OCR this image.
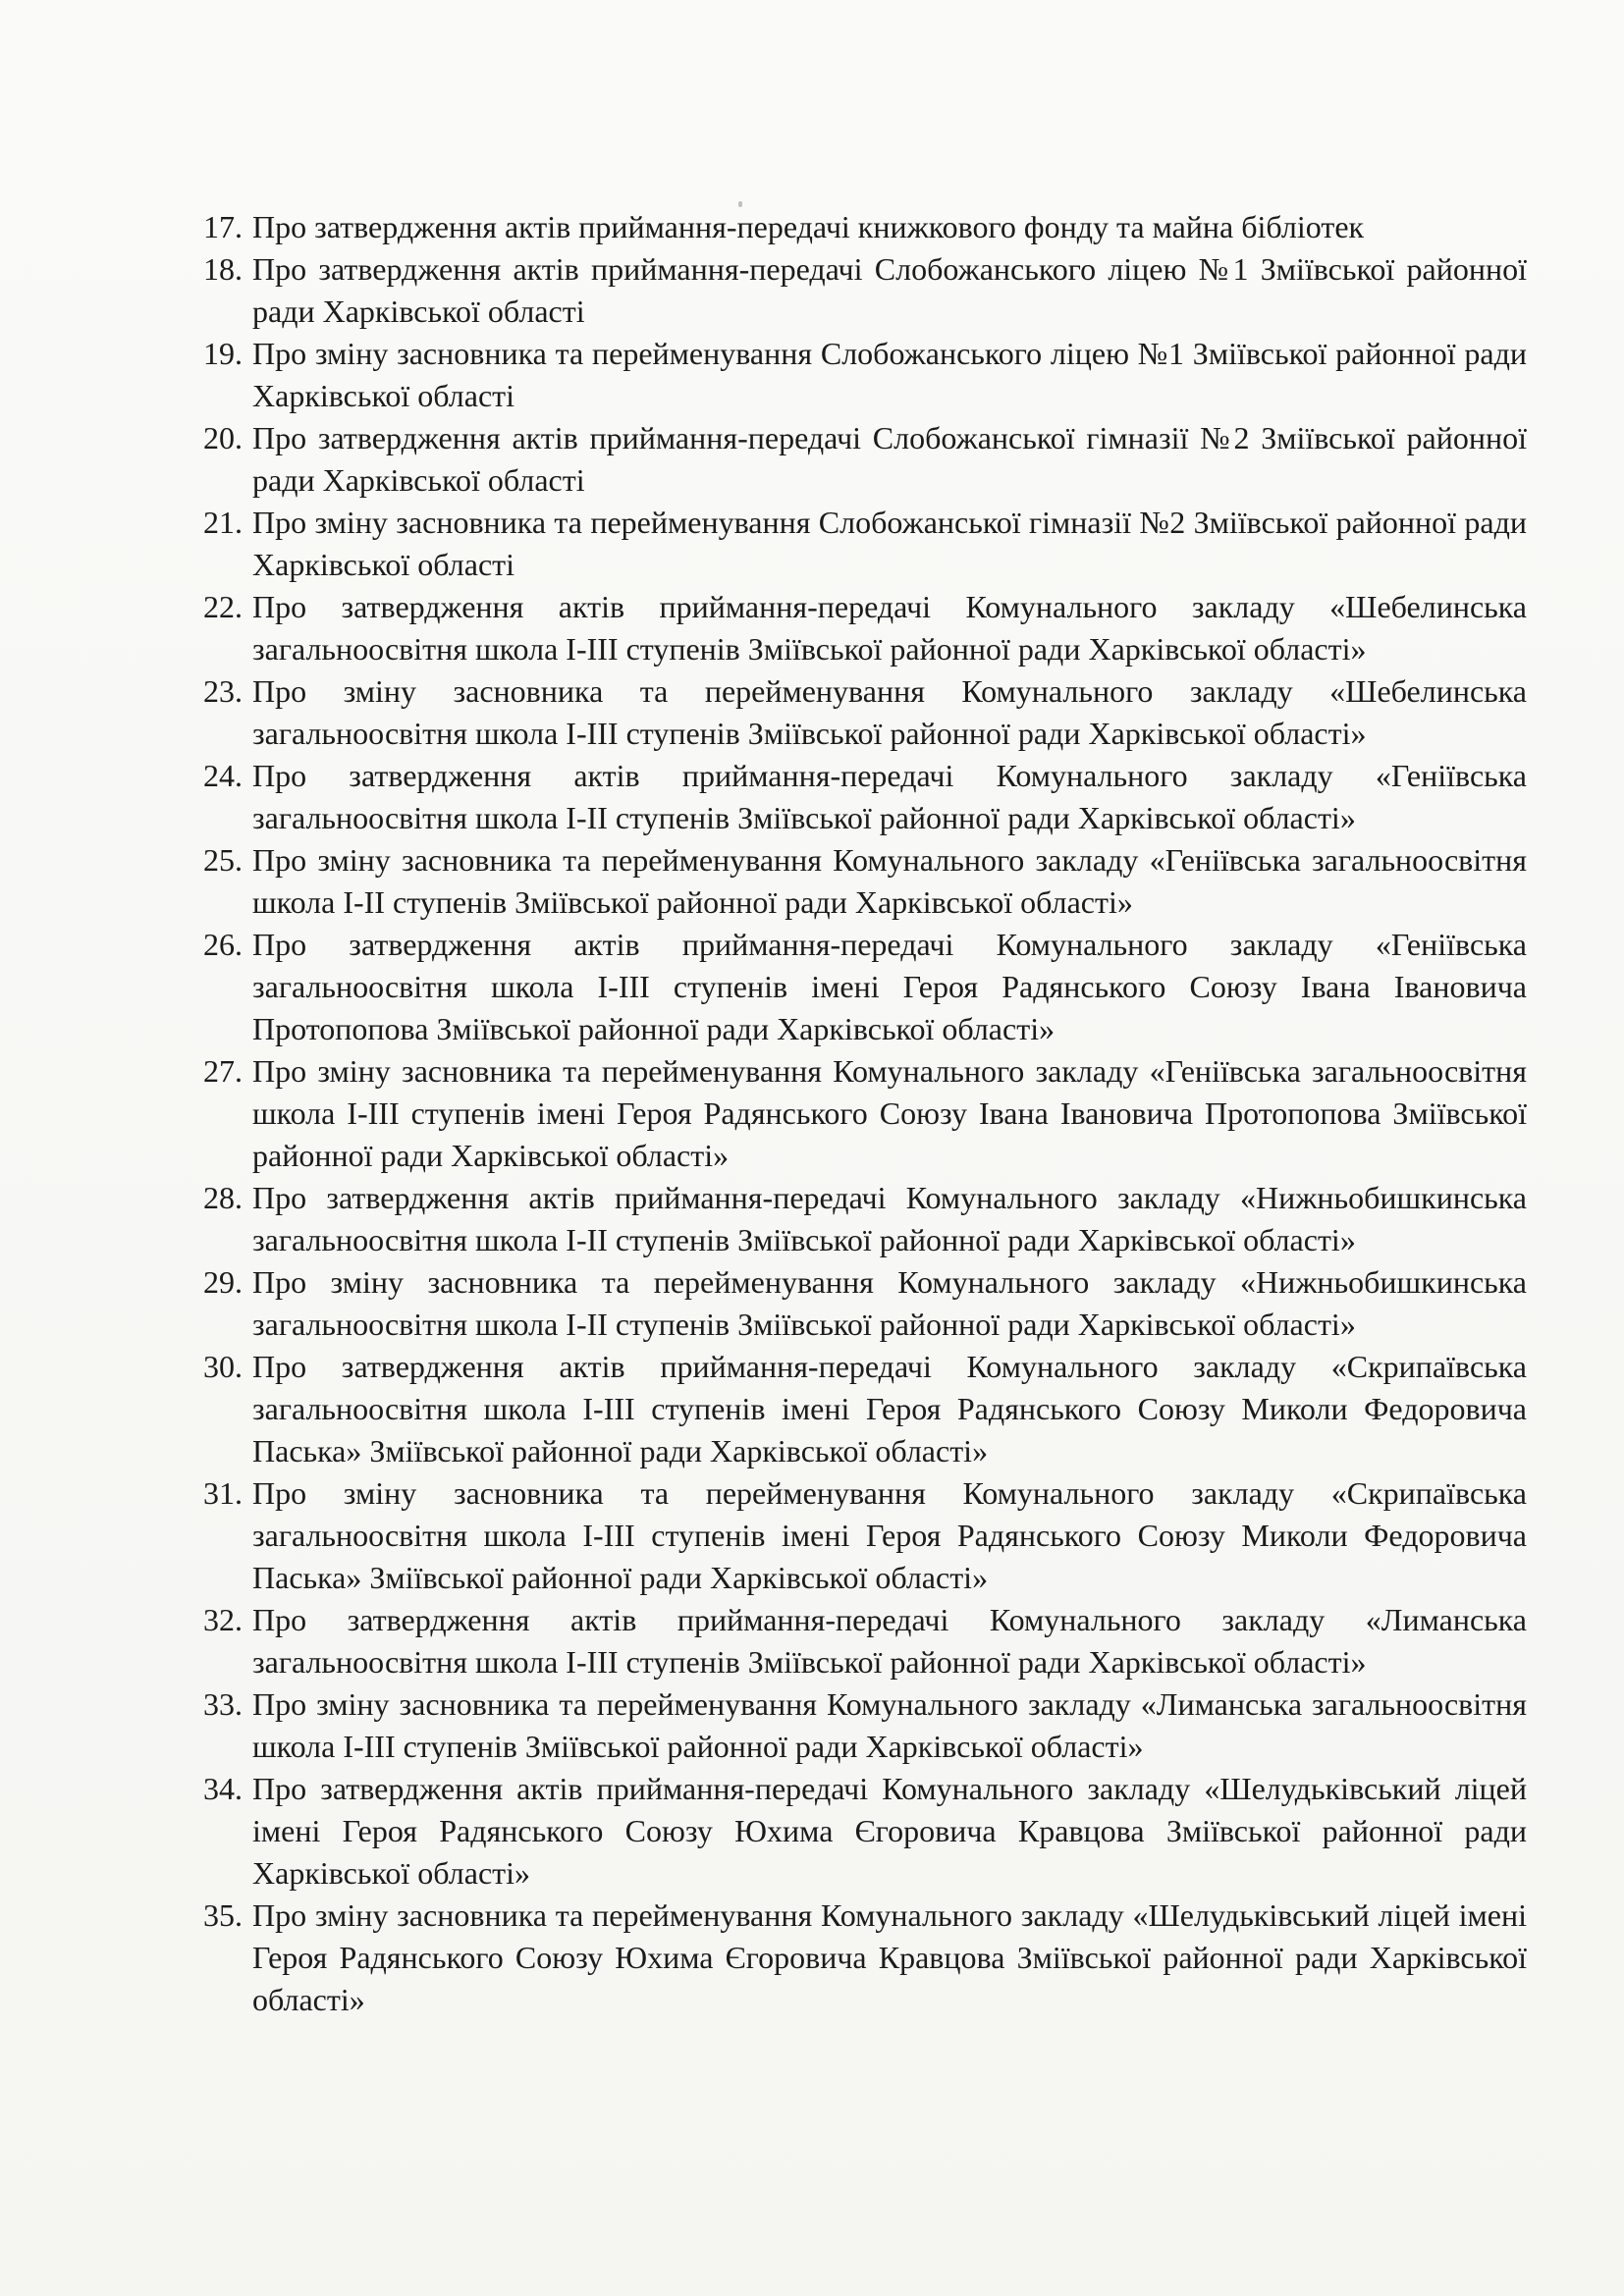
17. Про затвердження актів приймання-передачі книжкового фонду та майна бібліотек
18. Про затвердження актів приймання-передачі Слобожанського ліцею №1 Зміївської районної ради Харківської області
19. Про зміну засновника та перейменування Слобожанського ліцею №1 Зміївської районної ради Харківської області
20. Про затвердження актів приймання-передачі Слобожанської гімназії №2 Зміївської районної ради Харківської області
21. Про зміну засновника та перейменування Слобожанської гімназії №2 Зміївської районної ради Харківської області
22. Про затвердження актів приймання-передачі Комунального закладу «Шебелинська загальноосвітня школа І-ІІІ ступенів Зміївської районної ради Харківської області»
23. Про зміну засновника та перейменування Комунального закладу «Шебелинська загальноосвітня школа І-ІІІ ступенів Зміївської районної ради Харківської області»
24. Про затвердження актів приймання-передачі Комунального закладу «Геніївська загальноосвітня школа І-ІІ ступенів Зміївської районної ради Харківської області»
25. Про зміну засновника та перейменування Комунального закладу «Геніївська загальноосвітня школа І-ІІ ступенів Зміївської районної ради Харківської області»
26. Про затвердження актів приймання-передачі Комунального закладу «Геніївська загальноосвітня школа І-ІІІ ступенів імені Героя Радянського Союзу Івана Івановича Протопопова Зміївської районної ради Харківської області»
27. Про зміну засновника та перейменування Комунального закладу «Геніївська загальноосвітня школа І-ІІІ ступенів імені Героя Радянського Союзу Івана Івановича Протопопова Зміївської районної ради Харківської області»
28. Про затвердження актів приймання-передачі Комунального закладу «Нижньобишкинська загальноосвітня школа І-ІІ ступенів Зміївської районної ради Харківської області»
29. Про зміну засновника та перейменування Комунального закладу «Нижньобишкинська загальноосвітня школа І-ІІ ступенів Зміївської районної ради Харківської області»
30. Про затвердження актів приймання-передачі Комунального закладу «Скрипаївська загальноосвітня школа І-ІІІ ступенів імені Героя Радянського Союзу Миколи Федоровича Паська» Зміївської районної ради Харківської області»
31. Про зміну засновника та перейменування Комунального закладу «Скрипаївська загальноосвітня школа І-ІІІ ступенів імені Героя Радянського Союзу Миколи Федоровича Паська» Зміївської районної ради Харківської області»
32. Про затвердження актів приймання-передачі Комунального закладу «Лиманська загальноосвітня школа І-ІІІ ступенів Зміївської районної ради Харківської області»
33. Про зміну засновника та перейменування Комунального закладу «Лиманська загальноосвітня школа І-ІІІ ступенів Зміївської районної ради Харківської області»
34. Про затвердження актів приймання-передачі Комунального закладу «Шелудьківський ліцей імені Героя Радянського Союзу Юхима Єгоровича Кравцова Зміївської районної ради Харківської області»
35. Про зміну засновника та перейменування Комунального закладу «Шелудьківський ліцей імені Героя Радянського Союзу Юхима Єгоровича Кравцова Зміївської районної ради Харківської області»
